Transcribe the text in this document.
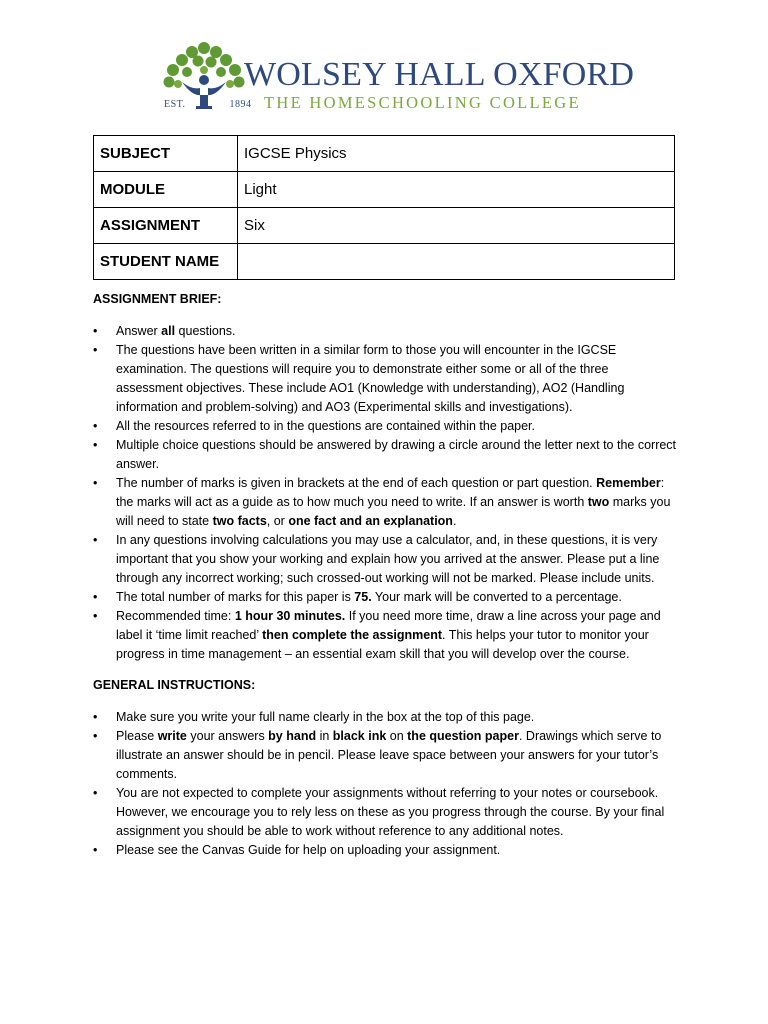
EST.	1894
WOLSEY HALL OXFORD
THE HOMESCHOOLING COLLEGE
SUBJECT	IGCSE Physics
MODULE	Light
ASSIGNMENT	Six
STUDENT NAME	

ASSIGNMENT BRIEF:

• Answer all questions.
• The questions have been written in a similar form to those you will encounter in the IGCSE examination. The questions will require you to demonstrate either some or all of the three assessment objectives. These include AO1 (Knowledge with understanding), AO2 (Handling information and problem-solving) and AO3 (Experimental skills and investigations).
• All the resources referred to in the questions are contained within the paper.
• Multiple choice questions should be answered by drawing a circle around the letter next to the correct answer.
• The number of marks is given in brackets at the end of each question or part question. Remember: the marks will act as a guide as to how much you need to write. If an answer is worth two marks you will need to state two facts, or one fact and an explanation.
• In any questions involving calculations you may use a calculator, and, in these questions, it is very important that you show your working and explain how you arrived at the answer. Please put a line through any incorrect working; such crossed-out working will not be marked. Please include units.
• The total number of marks for this paper is 75. Your mark will be converted to a percentage.
• Recommended time: 1 hour 30 minutes. If you need more time, draw a line across your page and label it ‘time limit reached’ then complete the assignment. This helps your tutor to monitor your progress in time management – an essential exam skill that you will develop over the course.

GENERAL INSTRUCTIONS:

• Make sure you write your full name clearly in the box at the top of this page.
• Please write your answers by hand in black ink on the question paper. Drawings which serve to illustrate an answer should be in pencil. Please leave space between your answers for your tutor’s comments.
• You are not expected to complete your assignments without referring to your notes or coursebook. However, we encourage you to rely less on these as you progress through the course. By your final assignment you should be able to work without reference to any additional notes.
• Please see the Canvas Guide for help on uploading your assignment.
